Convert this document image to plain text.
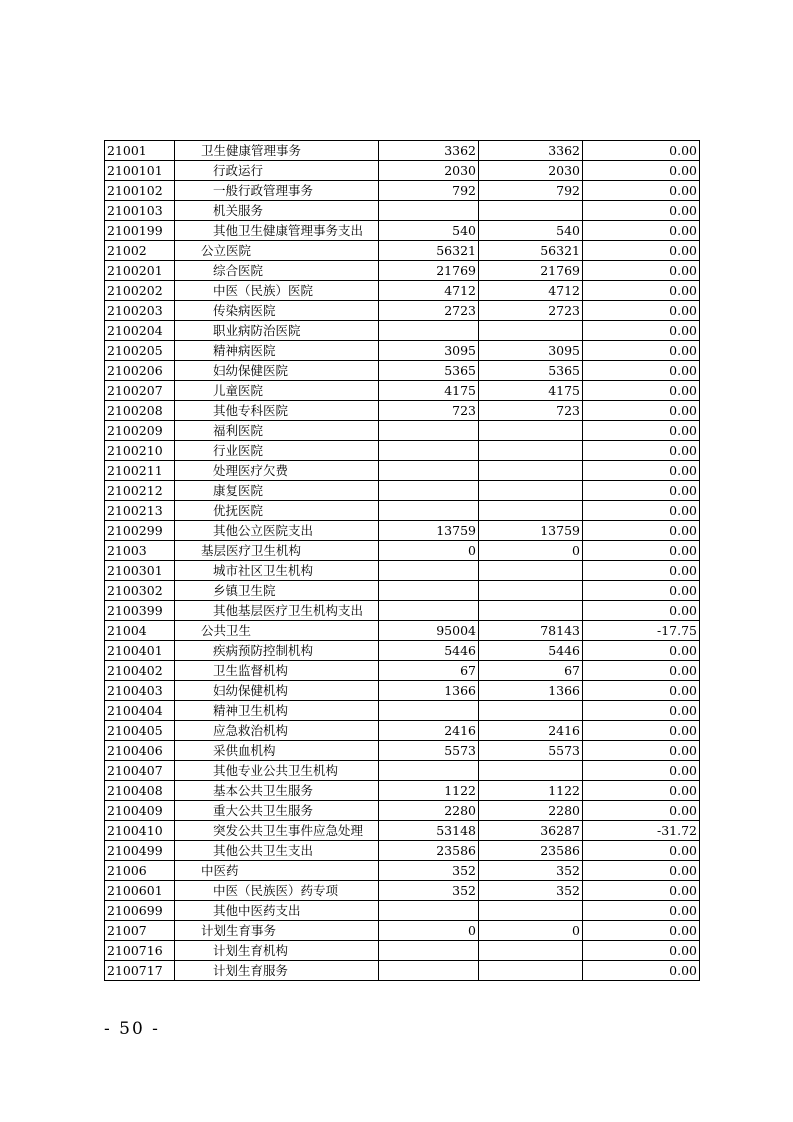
21001	卫生健康管理事务	3362	3362	0.00
2100101	行政运行	2030	2030	0.00
2100102	一般行政管理事务	792	792	0.00
2100103	机关服务			0.00
2100199	其他卫生健康管理事务支出	540	540	0.00
21002	公立医院	56321	56321	0.00
2100201	综合医院	21769	21769	0.00
2100202	中医（民族）医院	4712	4712	0.00
2100203	传染病医院	2723	2723	0.00
2100204	职业病防治医院			0.00
2100205	精神病医院	3095	3095	0.00
2100206	妇幼保健医院	5365	5365	0.00
2100207	儿童医院	4175	4175	0.00
2100208	其他专科医院	723	723	0.00
2100209	福利医院			0.00
2100210	行业医院			0.00
2100211	处理医疗欠费			0.00
2100212	康复医院			0.00
2100213	优抚医院			0.00
2100299	其他公立医院支出	13759	13759	0.00
21003	基层医疗卫生机构	0	0	0.00
2100301	城市社区卫生机构			0.00
2100302	乡镇卫生院			0.00
2100399	其他基层医疗卫生机构支出			0.00
21004	公共卫生	95004	78143	-17.75
2100401	疾病预防控制机构	5446	5446	0.00
2100402	卫生监督机构	67	67	0.00
2100403	妇幼保健机构	1366	1366	0.00
2100404	精神卫生机构			0.00
2100405	应急救治机构	2416	2416	0.00
2100406	采供血机构	5573	5573	0.00
2100407	其他专业公共卫生机构			0.00
2100408	基本公共卫生服务	1122	1122	0.00
2100409	重大公共卫生服务	2280	2280	0.00
2100410	突发公共卫生事件应急处理	53148	36287	-31.72
2100499	其他公共卫生支出	23586	23586	0.00
21006	中医药	352	352	0.00
2100601	中医（民族医）药专项	352	352	0.00
2100699	其他中医药支出			0.00
21007	计划生育事务	0	0	0.00
2100716	计划生育机构			0.00
2100717	计划生育服务			0.00
- 50 -
